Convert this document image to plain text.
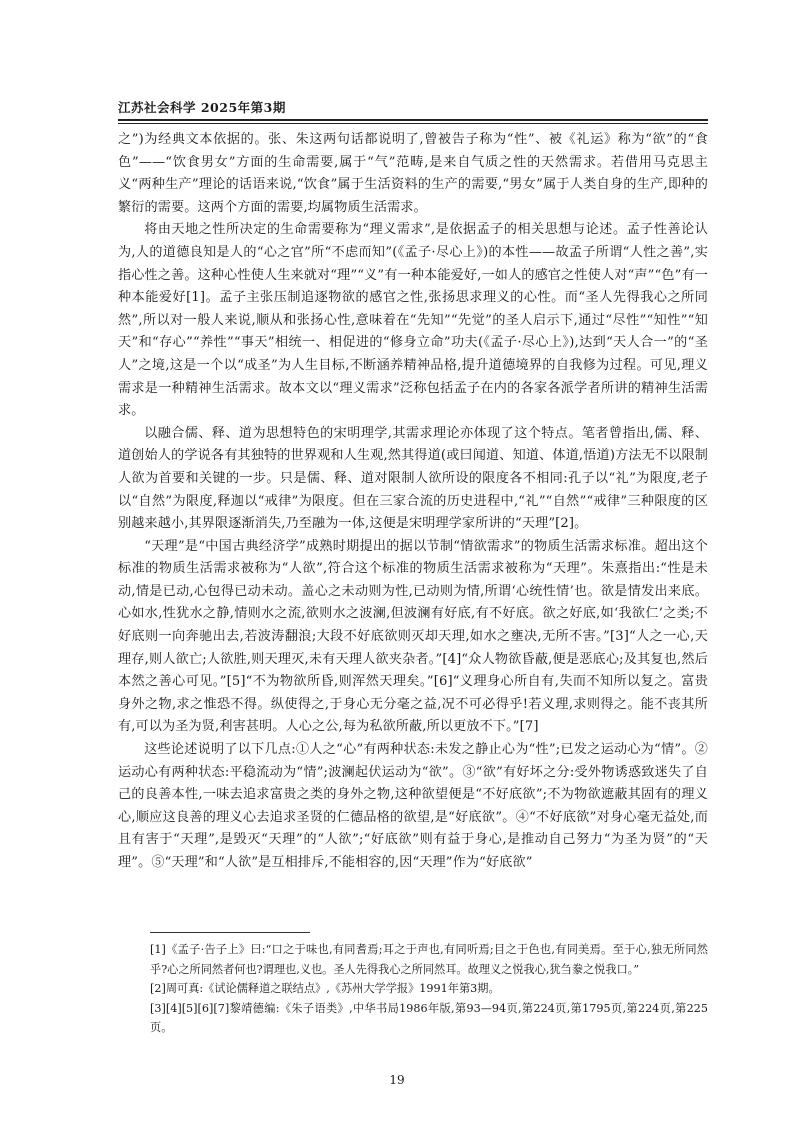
江苏社会科学 2025年第3期

之”)为经典文本依据的。张、朱这两句话都说明了,曾被告子称为“性”、被《礼运》称为“欲”的“食色”——“饮食男女”方面的生命需要,属于“气”范畴,是来自气质之性的天然需求。若借用马克思主义“两种生产”理论的话语来说,“饮食”属于生活资料的生产的需要,“男女”属于人类自身的生产,即种的繁衍的需要。这两个方面的需要,均属物质生活需求。

将由天地之性所决定的生命需要称为“理义需求”,是依据孟子的相关思想与论述。孟子性善论认为,人的道德良知是人的“心之官”所“不虑而知”(《孟子·尽心上》)的本性——故孟子所谓“人性之善”,实指心性之善。这种心性使人生来就对“理”“义”有一种本能爱好,一如人的感官之性使人对“声”“色”有一种本能爱好[1]。孟子主张压制追逐物欲的感官之性,张扬思求理义的心性。而“圣人先得我心之所同然”,所以对一般人来说,顺从和张扬心性,意味着在“先知”“先觉”的圣人启示下,通过“尽性”“知性”“知天”和“存心”“养性”“事天”相统一、相促进的“修身立命”功夫(《孟子·尽心上》),达到“天人合一”的“圣人”之境,这是一个以“成圣”为人生目标,不断涵养精神品格,提升道德境界的自我修为过程。可见,理义需求是一种精神生活需求。故本文以“理义需求”泛称包括孟子在内的各家各派学者所讲的精神生活需求。

以融合儒、释、道为思想特色的宋明理学,其需求理论亦体现了这个特点。笔者曾指出,儒、释、道创始人的学说各有其独特的世界观和人生观,然其得道(或曰闻道、知道、体道,悟道)方法无不以限制人欲为首要和关键的一步。只是儒、释、道对限制人欲所设的限度各不相同:孔子以“礼”为限度,老子以“自然”为限度,释迦以“戒律”为限度。但在三家合流的历史进程中,“礼”“自然”“戒律”三种限度的区别越来越小,其界限逐渐消失,乃至融为一体,这便是宋明理学家所讲的“天理”[2]。

“天理”是“中国古典经济学”成熟时期提出的据以节制“情欲需求”的物质生活需求标准。超出这个标准的物质生活需求被称为“人欲”,符合这个标准的物质生活需求被称为“天理”。朱熹指出:“性是未动,情是已动,心包得已动未动。盖心之未动则为性,已动则为情,所谓‘心统性情’也。欲是情发出来底。心如水,性犹水之静,情则水之流,欲则水之波澜,但波澜有好底,有不好底。欲之好底,如‘我欲仁’之类;不好底则一向奔驰出去,若波涛翻浪;大段不好底欲则灭却天理,如水之壅决,无所不害。”[3]“人之一心,天理存,则人欲亡;人欲胜,则天理灭,未有天理人欲夹杂者。”[4]“众人物欲昏蔽,便是恶底心;及其复也,然后本然之善心可见。”[5]“不为物欲所昏,则浑然天理矣。”[6]“义理身心所自有,失而不知所以复之。富贵身外之物,求之惟恐不得。纵使得之,于身心无分毫之益,况不可必得乎!若义理,求则得之。能不丧其所有,可以为圣为贤,利害甚明。人心之公,每为私欲所蔽,所以更放不下。”[7]

这些论述说明了以下几点:①人之“心”有两种状态:未发之静止心为“性”;已发之运动心为“情”。②运动心有两种状态:平稳流动为“情”;波澜起伏运动为“欲”。③“欲”有好坏之分:受外物诱惑致迷失了自己的良善本性,一味去追求富贵之类的身外之物,这种欲望便是“不好底欲”;不为物欲遮蔽其固有的理义心,顺应这良善的理义心去追求圣贤的仁德品格的欲望,是“好底欲”。④“不好底欲”对身心毫无益处,而且有害于“天理”,是毁灭“天理”的“人欲”;“好底欲”则有益于身心,是推动自己努力“为圣为贤”的“天理”。⑤“天理”和“人欲”是互相排斥,不能相容的,因“天理”作为“好底欲”

[1]《孟子·告子上》曰:“口之于味也,有同耆焉;耳之于声也,有同听焉;目之于色也,有同美焉。至于心,独无所同然乎?心之所同然者何也?谓理也,义也。圣人先得我心之所同然耳。故理义之悦我心,犹刍豢之悦我口。”

[2]周可真:《试论儒释道之联结点》,《苏州大学学报》1991年第3期。

[3][4][5][6][7]黎靖德编:《朱子语类》,中华书局1986年版,第93—94页,第224页,第1795页,第224页,第225页。

19
